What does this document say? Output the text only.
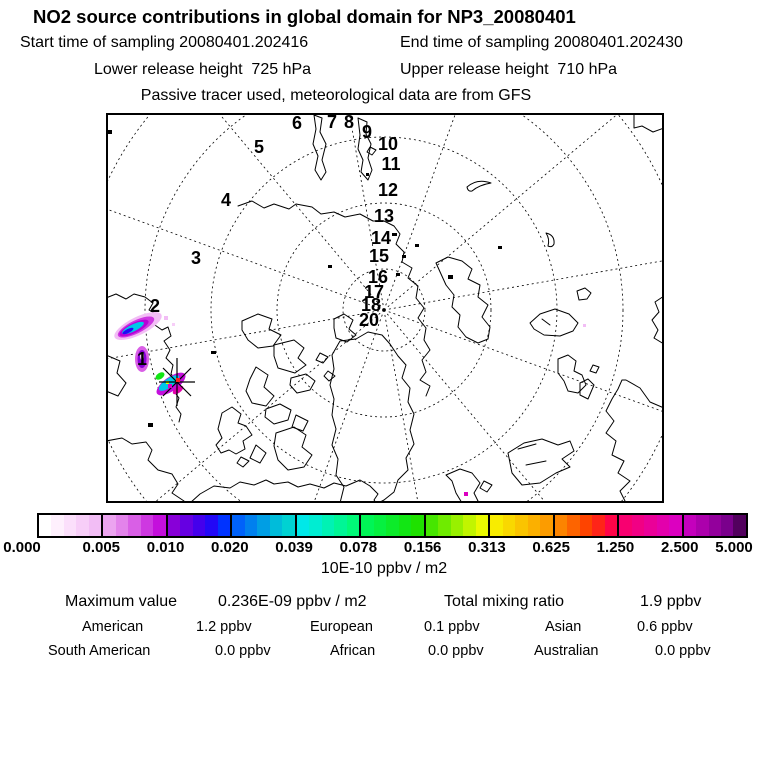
NO2 source contributions in global domain for NP3_20080401
Start time of sampling 20080401.202416	End time of sampling 20080401.202430
Lower release height  725 hPa	Upper release height  710 hPa
Passive tracer used, meteorological data are from GFS
1
2
3
4
5
6 7 8 9
10
11
12
13
14
15
16
17
18
20
0.000	0.005 0.010 0.020 0.039 0.078 0.156 0.313 0.625 1.250 2.500 5.000
10E-10 ppbv / m2
Maximum value	0.236E-09 ppbv / m2	Total mixing ratio	1.9 ppbv
American	1.2 ppbv	European	0.1 ppbv	Asian	0.6 ppbv
South American	0.0 ppbv	African	0.0 ppbv	Australian	0.0 ppbv
